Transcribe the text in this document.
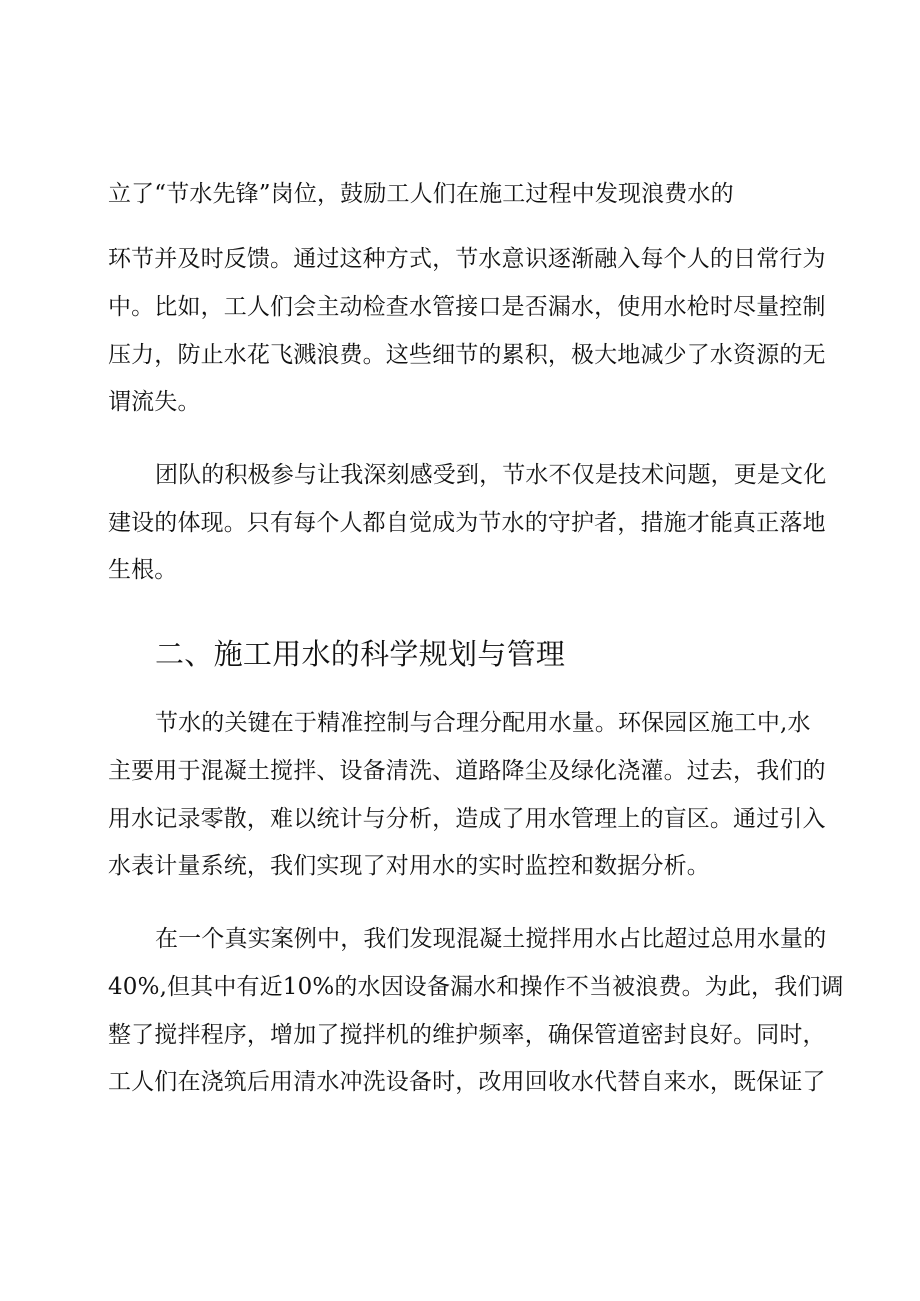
立了“节水先锋”岗位，鼓励工人们在施工过程中发现浪费水的
环节并及时反馈。通过这种方式，节水意识逐渐融入每个人的日常行为
中。比如，工人们会主动检查水管接口是否漏水，使用水枪时尽量控制
压力，防止水花飞溅浪费。这些细节的累积，极大地减少了水资源的无
谓流失。
团队的积极参与让我深刻感受到，节水不仅是技术问题，更是文化
建设的体现。只有每个人都自觉成为节水的守护者，措施才能真正落地
生根。
二、施工用水的科学规划与管理
节水的关键在于精准控制与合理分配用水量。环保园区施工中,水
主要用于混凝土搅拌、设备清洗、道路降尘及绿化浇灌。过去，我们的
用水记录零散，难以统计与分析，造成了用水管理上的盲区。通过引入
水表计量系统，我们实现了对用水的实时监控和数据分析。
在一个真实案例中，我们发现混凝土搅拌用水占比超过总用水量的
40%,但其中有近10%的水因设备漏水和操作不当被浪费。为此，我们调
整了搅拌程序，增加了搅拌机的维护频率，确保管道密封良好。同时，
工人们在浇筑后用清水冲洗设备时，改用回收水代替自来水，既保证了
